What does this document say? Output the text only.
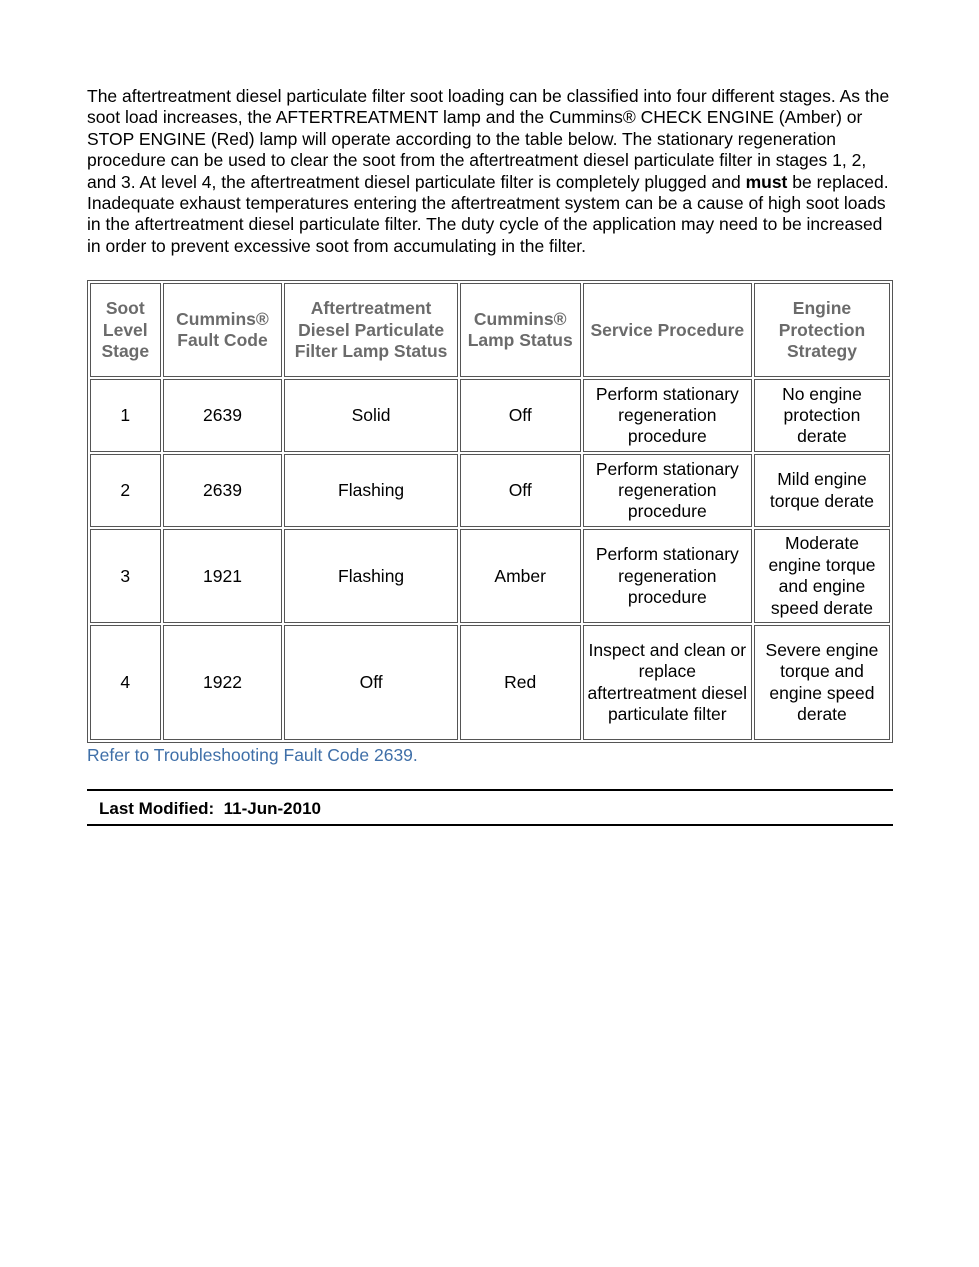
The aftertreatment diesel particulate filter soot loading can be classified into four different stages. As the soot load increases, the AFTERTREATMENT lamp and the Cummins® CHECK ENGINE (Amber) or STOP ENGINE (Red) lamp will operate according to the table below. The stationary regeneration procedure can be used to clear the soot from the aftertreatment diesel particulate filter in stages 1, 2, and 3. At level 4, the aftertreatment diesel particulate filter is completely plugged and must be replaced. Inadequate exhaust temperatures entering the aftertreatment system can be a cause of high soot loads in the aftertreatment diesel particulate filter. The duty cycle of the application may need to be increased in order to prevent excessive soot from accumulating in the filter.

Soot Level Stage	Cummins® Fault Code	Aftertreatment Diesel Particulate Filter Lamp Status	Cummins® Lamp Status	Service Procedure	Engine Protection Strategy
1	2639	Solid	Off	Perform stationary regeneration procedure	No engine protection derate
2	2639	Flashing	Off	Perform stationary regeneration procedure	Mild engine torque derate
3	1921	Flashing	Amber	Perform stationary regeneration procedure	Moderate engine torque and engine speed derate
4	1922	Off	Red	Inspect and clean or replace aftertreatment diesel particulate filter	Severe engine torque and engine speed derate
Refer to Troubleshooting Fault Code 2639.
Last Modified:  11-Jun-2010
